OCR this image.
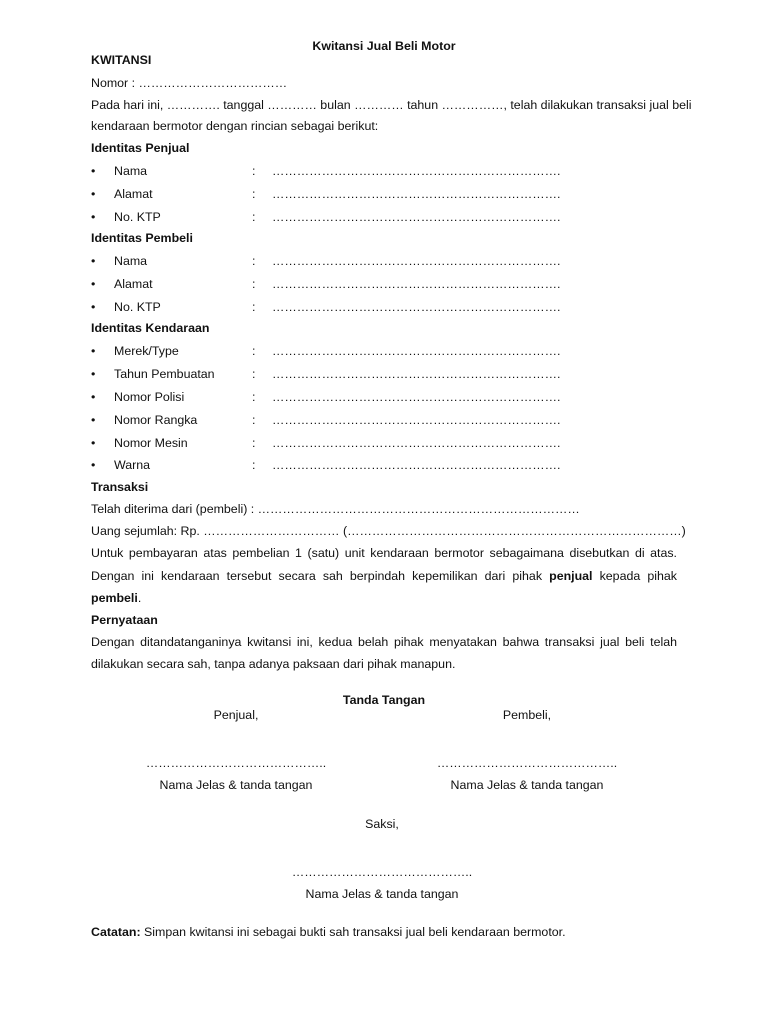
Kwitansi Jual Beli Motor
KWITANSI
Nomor : ………………………………
Pada hari ini, …………. tanggal ………… bulan ………… tahun ……………, telah dilakukan transaksi jual beli
kendaraan bermotor dengan rincian sebagai berikut:
Identitas Penjual
• Nama	: …………………………………………………………….
• Alamat	: …………………………………………………………….
• No. KTP	: …………………………………………………………….
Identitas Pembeli
• Nama	: …………………………………………………………….
• Alamat	: …………………………………………………………….
• No. KTP	: …………………………………………………………….
Identitas Kendaraan
• Merek/Type	: …………………………………………………………….
• Tahun Pembuatan	: …………………………………………………………….
• Nomor Polisi	: …………………………………………………………….
• Nomor Rangka	: …………………………………………………………….
• Nomor Mesin	: …………………………………………………………….
• Warna	: …………………………………………………………….
Transaksi
Telah diterima dari (pembeli) : ……………………………………………………………………
Uang sejumlah: Rp. …………………………… (………………………………………………………………………)
Untuk pembayaran atas pembelian 1 (satu) unit kendaraan bermotor sebagaimana disebutkan di atas.
Dengan ini kendaraan tersebut secara sah berpindah kepemilikan dari pihak penjual kepada pihak
pembeli.
Pernyataan
Dengan ditandatanganinya kwitansi ini, kedua belah pihak menyatakan bahwa transaksi jual beli telah
dilakukan secara sah, tanpa adanya paksaan dari pihak manapun.
Tanda Tangan
Penjual,	Pembeli,
……………………………………..	……………………………………..
Nama Jelas & tanda tangan	Nama Jelas & tanda tangan
Saksi,
……………………………………..
Nama Jelas & tanda tangan
Catatan: Simpan kwitansi ini sebagai bukti sah transaksi jual beli kendaraan bermotor.
